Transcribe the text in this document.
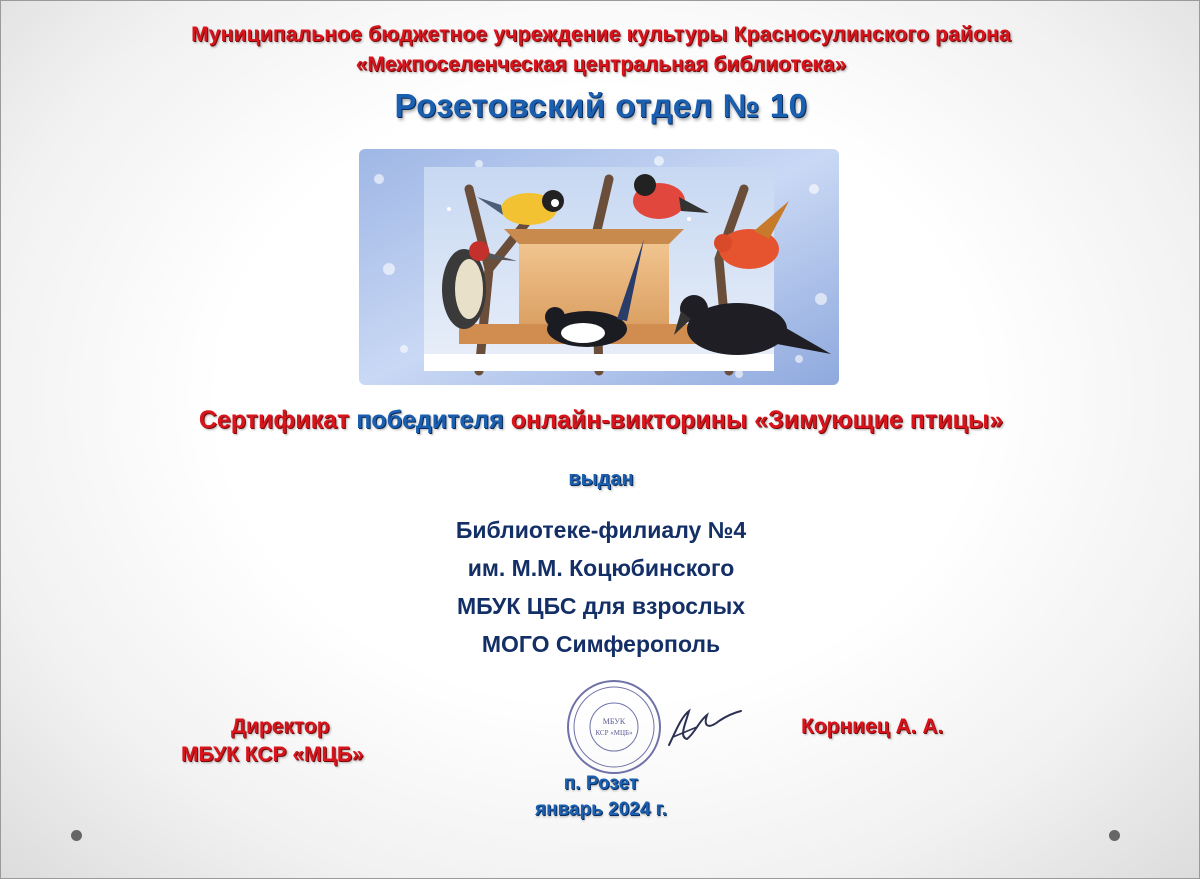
Муниципальное бюджетное учреждение культуры Красносулинского района

«Межпоселенческая центральная библиотека»

Розетовский отдел № 10

Сертификат победителя онлайн-викторины «Зимующие птицы»

выдан

Библиотеке-филиалу №4
им. М.М. Коцюбинского
МБУК ЦБС для взрослых
МОГО Симферополь

Директор

МБУК КСР «МЦБ»

МБУК
КСР «МЦБ»	Корниец А. А.

п. Розет

январь 2024 г.
